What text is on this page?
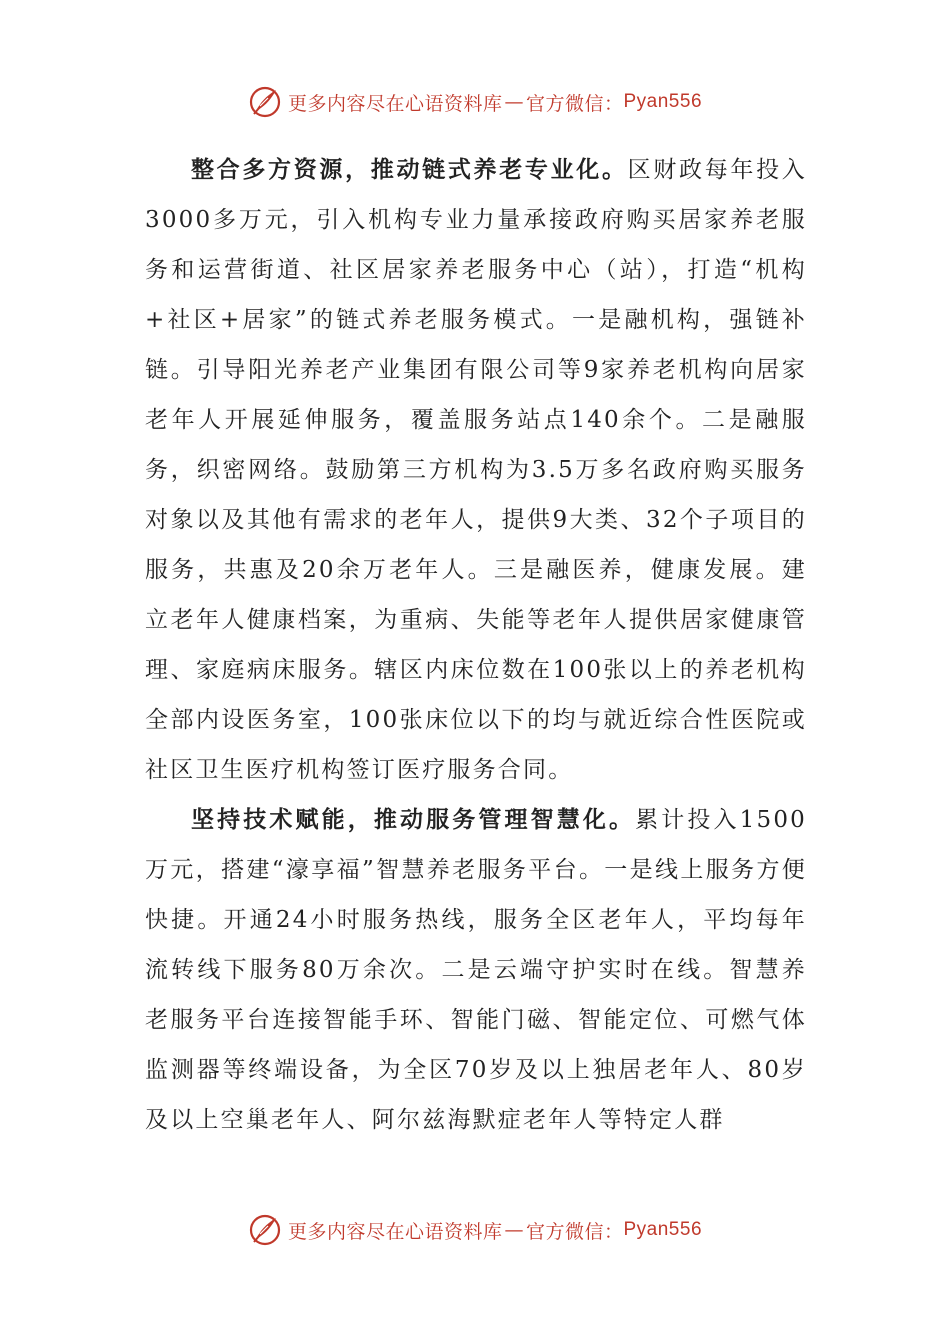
更多内容尽在心语资料库 — 官方微信： Pyan556

整合多方资源，推动链式养老专业化。区财政每年投入3000多万元，引入机构专业力量承接政府购买居家养老服务和运营街道、社区居家养老服务中心（站），打造“机构+社区+居家”的链式养老服务模式。一是融机构，强链补链。引导阳光养老产业集团有限公司等9家养老机构向居家老年人开展延伸服务，覆盖服务站点140余个。二是融服务，织密网络。鼓励第三方机构为3.5万多名政府购买服务对象以及其他有需求的老年人，提供9大类、32个子项目的服务，共惠及20余万老年人。三是融医养，健康发展。建立老年人健康档案，为重病、失能等老年人提供居家健康管理、家庭病床服务。辖区内床位数在100张以上的养老机构全部内设医务室，100张床位以下的均与就近综合性医院或社区卫生医疗机构签订医疗服务合同。

坚持技术赋能，推动服务管理智慧化。累计投入1500万元，搭建“濠享福”智慧养老服务平台。一是线上服务方便快捷。开通24小时服务热线，服务全区老年人，平均每年流转线下服务80万余次。二是云端守护实时在线。智慧养老服务平台连接智能手环、智能门磁、智能定位、可燃气体监测器等终端设备，为全区70岁及以上独居老年人、80岁及以上空巢老年人、阿尔兹海默症老年人等特定人群

更多内容尽在心语资料库 — 官方微信： Pyan556
